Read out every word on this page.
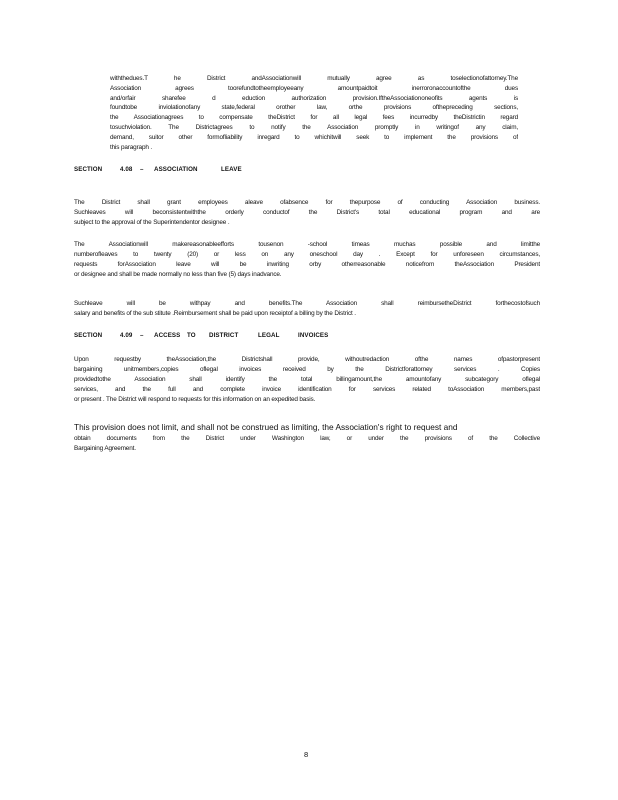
withthedues.T he District andAssociationwill mutually agree as toselectionofattorney.The
Association agrees toorefundtotheemployeeany amountpaidtoit inerroronaccountofthe dues
and/orfair sharefee d eduction authorization provision.IftheAssociationoneofits agents is
foundtobe inviolationofany state,federal orother law, orthe provisions ofthepreceding sections,
the Associationagrees to compensate theDistrict for all legal fees incurredby theDistrictin regard
tosuchviolation. The Districtagrees to notify the Association promptly in writingof any claim,
demand, suitor other formofliability inregard to whichitwill seek to implement the provisions of
this paragraph .
SECTION	4.08 – ASSOCIATION	LEAVE
The District shall grant employees aleave ofabsence for thepurpose of conducting Association business.
Suchleaves will beconsistentwiththe orderly conductof the District's total educational program and are
subject to the approval of the Superintendentor designee .
The Associationwill makereasonableefforts tousenon -school timeas muchas possible and limitthe
numberofleaves to twenty (20) or less on any oneschool day . Except for unforeseen circumstances,
requests forAssociation leave will be inwriting orby otherreasonable noticefrom theAssociation President
or designee and shall be made normally no less than five (5) days inadvance.
Suchleave will be withpay and benefits.The Association shall reimbursetheDistrict forthecostofsuch
salary and benefits of the sub stitute .Reimbursement shall be paid upon receiptof a billing by the District .
SECTION	4.09 – ACCESS TO DISTRICT	LEGAL	INVOICES
Upon requestby theAssociation,the Districtshall provide, withoutredaction ofthe names ofpastorpresent
bargaining unitmembers,copies oflegal invoices received by the Districtforattorney services . Copies
providedtothe Association shall identify the total billingamount,the amountofany subcategory oflegal
services, and the full and complete invoice identification for services related toAssociation members,past
or present . The District will respond to requests for this information on an expedited basis.
This provision does not limit, and shall not be construed as limiting, the Association's right to request and
obtain documents from the District under Washington law, or under the provisions of the Collective
Bargaining Agreement.
8
